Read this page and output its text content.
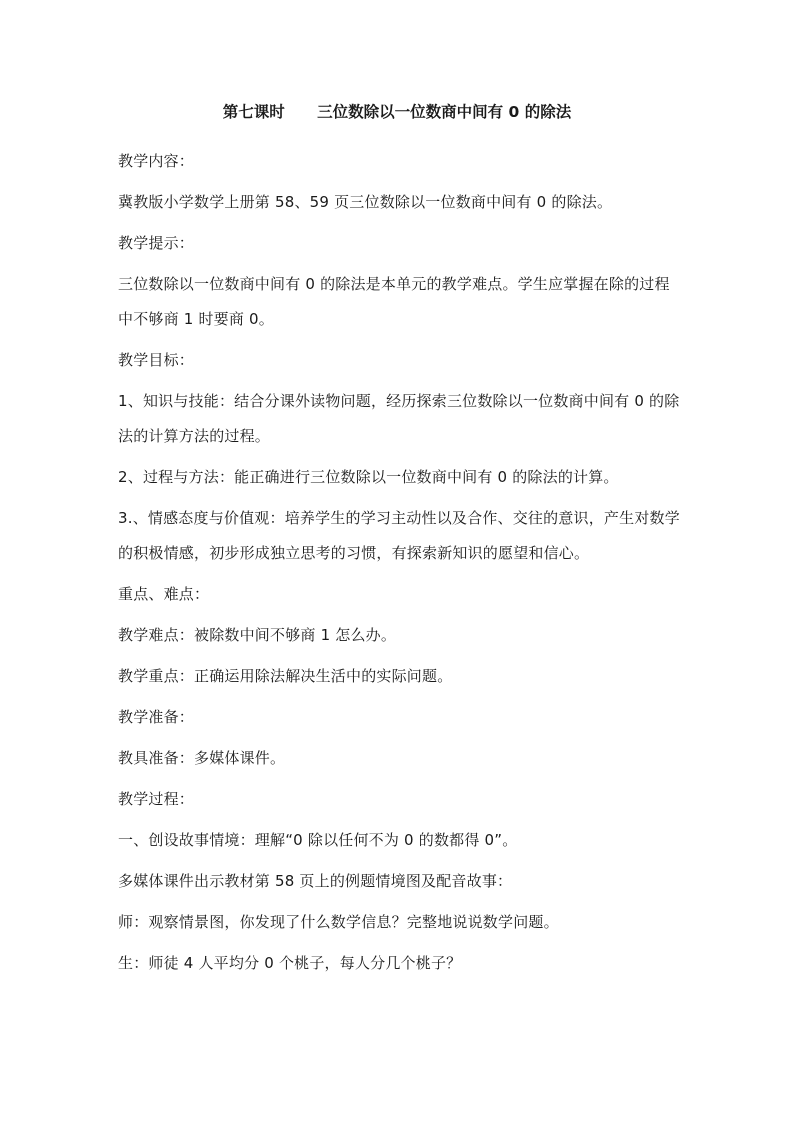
第七课时      三位数除以一位数商中间有 0 的除法

教学内容：

冀教版小学数学上册第 58、59 页三位数除以一位数商中间有 0 的除法。

教学提示：

三位数除以一位数商中间有 0 的除法是本单元的教学难点。学生应掌握在除的过程中不够商 1 时要商 0。

教学目标：

1、知识与技能：结合分课外读物问题，经历探索三位数除以一位数商中间有 0 的除法的计算方法的过程。

2、过程与方法：能正确进行三位数除以一位数商中间有 0 的除法的计算。

3.、情感态度与价值观：培养学生的学习主动性以及合作、交往的意识，产生对数学的积极情感，初步形成独立思考的习惯，有探索新知识的愿望和信心。

重点、难点：

教学难点：被除数中间不够商 1 怎么办。

教学重点：正确运用除法解决生活中的实际问题。

教学准备：

教具准备：多媒体课件。

教学过程：

一、创设故事情境：理解“0 除以任何不为 0 的数都得 0”。

多媒体课件出示教材第 58 页上的例题情境图及配音故事：

师：观察情景图，你发现了什么数学信息？完整地说说数学问题。

生：师徒 4 人平均分 0 个桃子，每人分几个桃子？
